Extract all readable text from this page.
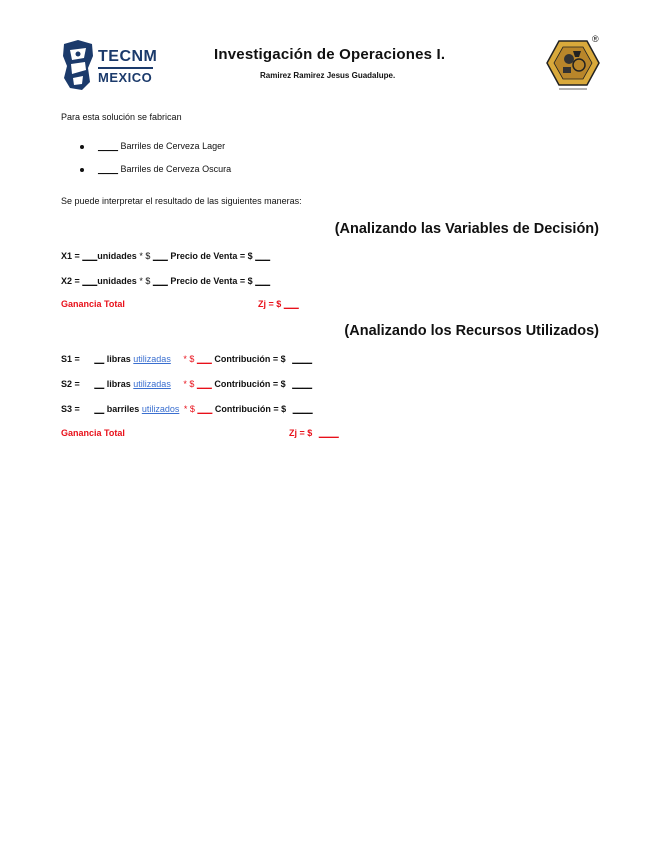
TECNM
MEXICO
Investigación de Operaciones I.
Ramirez Ramirez Jesus Guadalupe.
®
Para esta solución se fabrican
____ Barriles de Cerveza Lager
____ Barriles de Cerveza Oscura
Se puede interpretar el resultado de las siguientes maneras:
(Analizando las Variables de Decisión)
X1 = ___unidades * $ ___ Precio de Venta = $ ___
X2 = ___unidades * $ ___ Precio de Venta = $ ___
Ganancia Total	Zj = $ ___
(Analizando los Recursos Utilizados)
S1 = __ libras utilizadas * $ ___ Contribución = $ ____
S2 = __ libras utilizadas * $ ___ Contribución = $ ____
S3 = __ barriles utilizados * $ ___ Contribución = $ ____
Ganancia Total	Zj = $ ____
